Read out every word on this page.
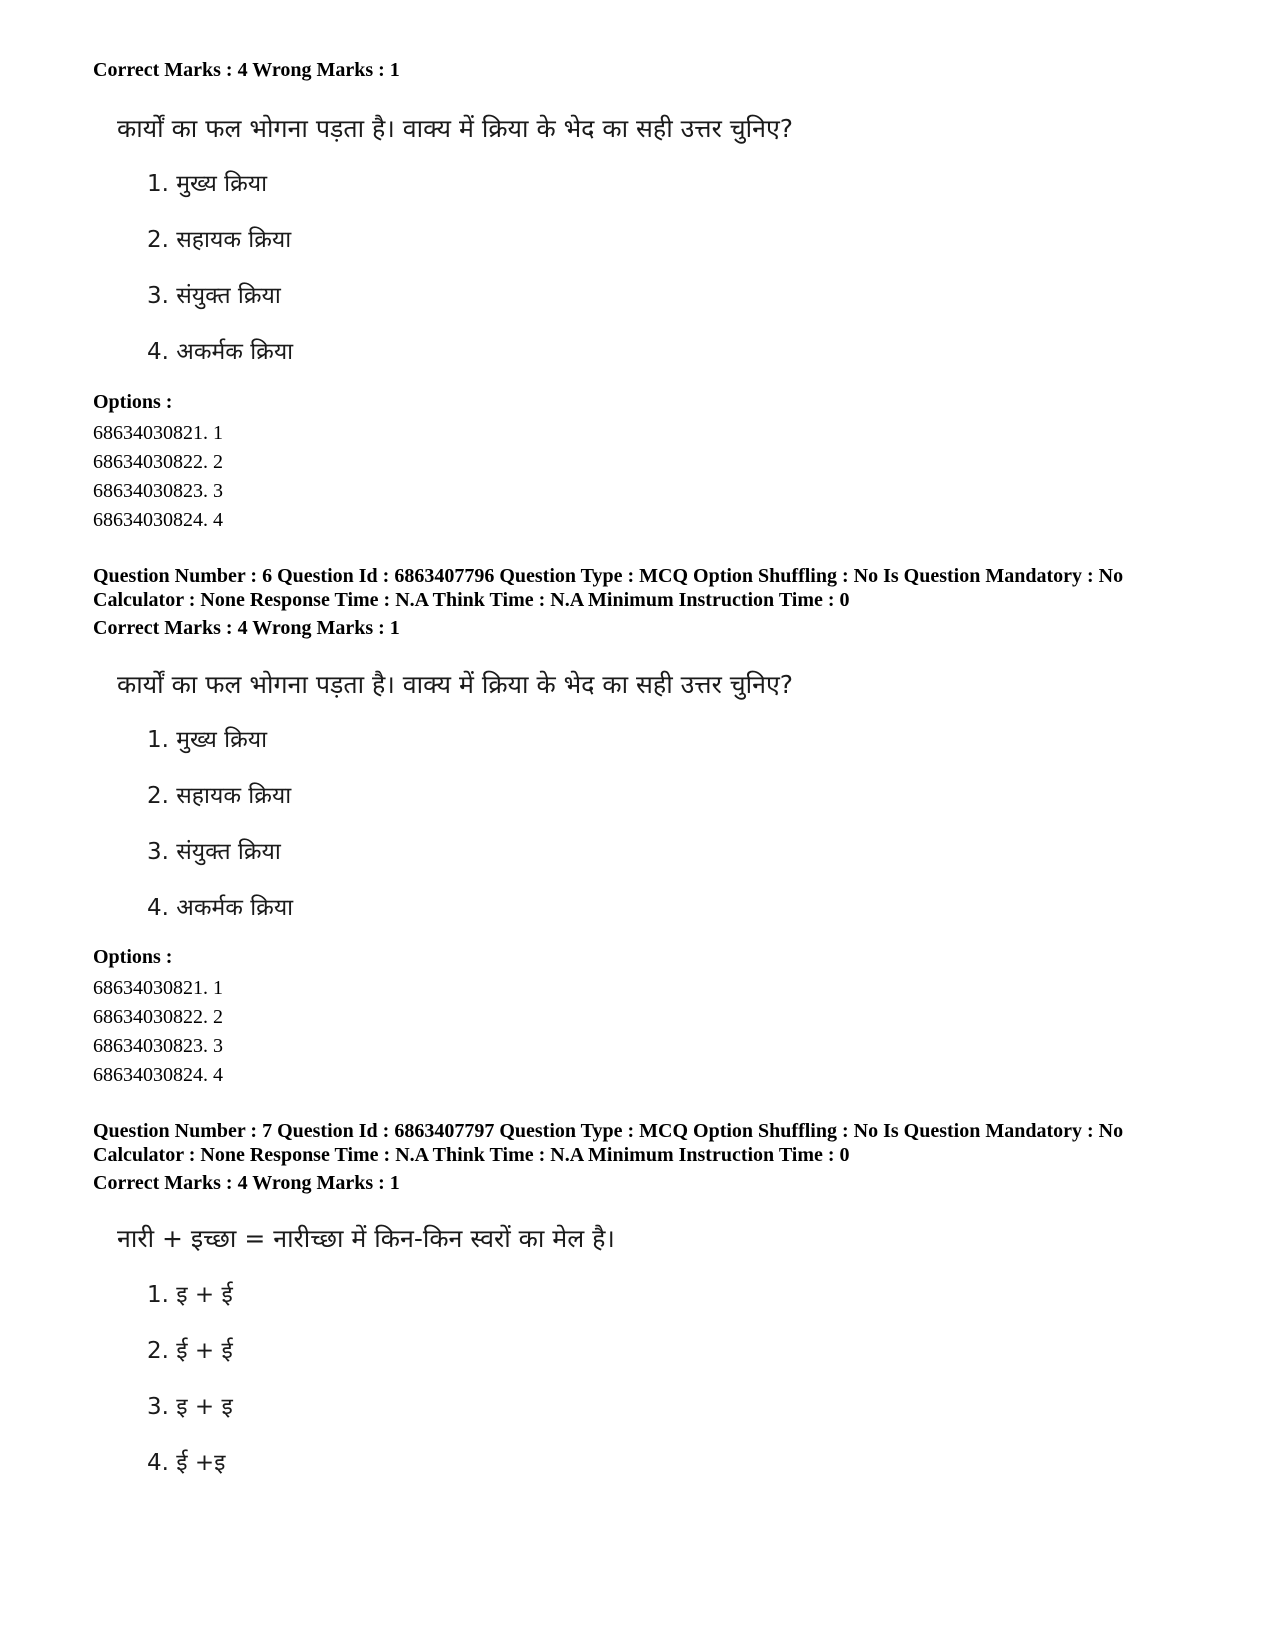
Correct Marks : 4 Wrong Marks : 1
कार्यों का फल भोगना पड़ता है। वाक्य में क्रिया के भेद का सही उत्तर चुनिए?
1. मुख्य क्रिया
2. सहायक क्रिया
3. संयुक्त क्रिया
4. अकर्मक क्रिया
Options :
68634030821. 1
68634030822. 2
68634030823. 3
68634030824. 4
Question Number : 6 Question Id : 6863407796 Question Type : MCQ Option Shuffling : No Is Question Mandatory : No
Calculator : None Response Time : N.A Think Time : N.A Minimum Instruction Time : 0
Correct Marks : 4 Wrong Marks : 1
कार्यों का फल भोगना पड़ता है। वाक्य में क्रिया के भेद का सही उत्तर चुनिए?
1. मुख्य क्रिया
2. सहायक क्रिया
3. संयुक्त क्रिया
4. अकर्मक क्रिया
Options :
68634030821. 1
68634030822. 2
68634030823. 3
68634030824. 4
Question Number : 7 Question Id : 6863407797 Question Type : MCQ Option Shuffling : No Is Question Mandatory : No
Calculator : None Response Time : N.A Think Time : N.A Minimum Instruction Time : 0
Correct Marks : 4 Wrong Marks : 1
नारी + इच्छा = नारीच्छा में किन-किन स्वरों का मेल है।
1. इ + ई
2. ई + ई
3. इ + इ
4. ई +इ
